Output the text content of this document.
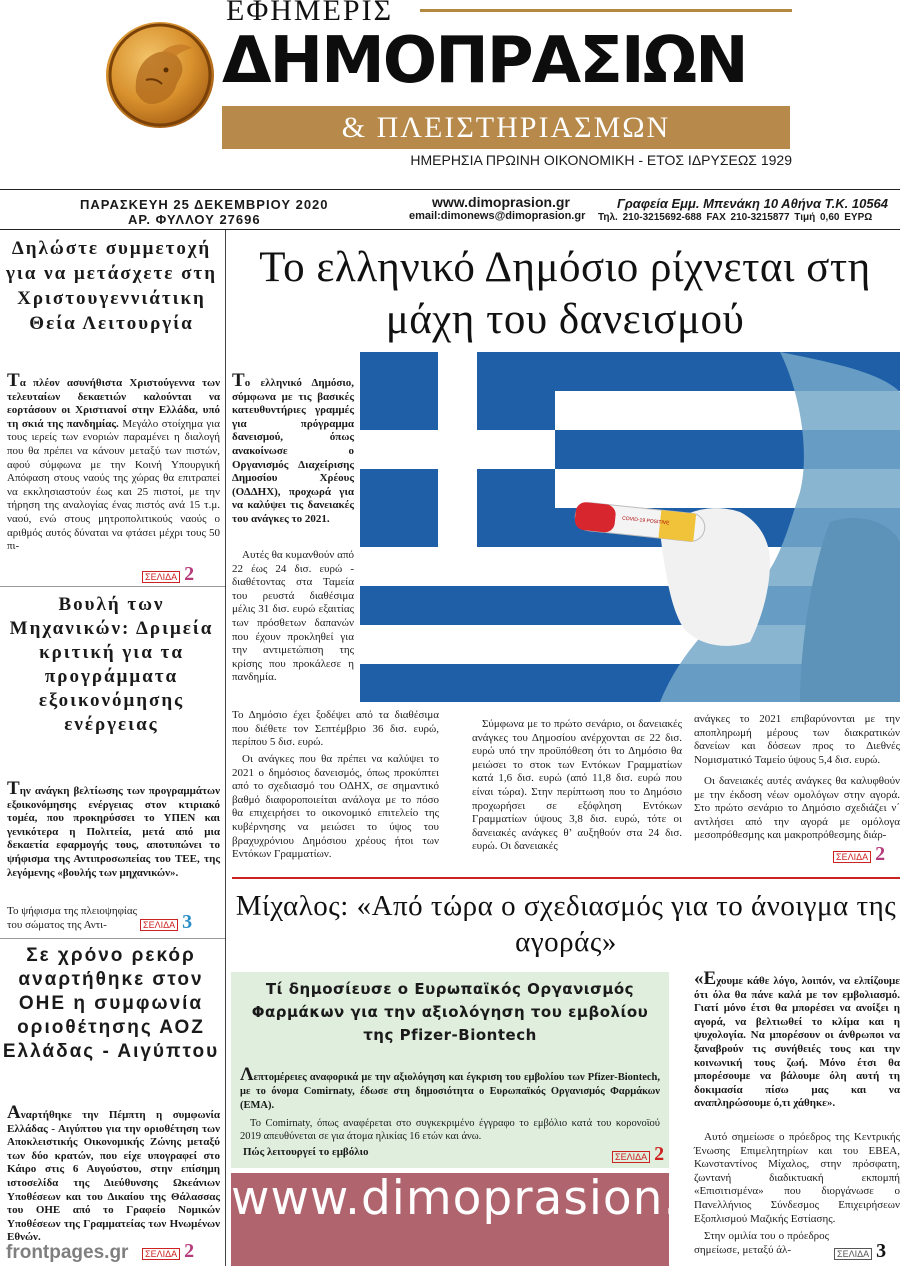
ΕΦΗΜΕΡΙΣ
ΔΗΜΟΠΡΑΣΙΩΝ
& ΠΛΕΙΣΤΗΡΙΑΣΜΩΝ
ΗΜΕΡΗΣΙΑ ΠΡΩΙΝΗ ΟΙΚΟΝΟΜΙΚΗ - ΕΤΟΣ ΙΔΡΥΣΕΩΣ 1929
ΠΑΡΑΣΚΕΥΗ 25 ΔΕΚΕΜΒΡΙΟΥ 2020
ΑΡ. ΦΥΛΛΟΥ 27696
www.dimoprasion.gr
email:dimonews@dimoprasion.gr
Γραφεία Εμμ. Μπενάκη 10 Αθήνα Τ.Κ. 10564
Τηλ. 210-3215692-688 FAX 210-3215877 Τιμή 0,60 ΕΥΡΩ
Δηλώστε συμμετοχή για να μετάσχετε στη Χριστουγεννιάτικη Θεία Λειτουργία
Τα πλέον ασυνήθιστα Χριστούγεννα των τελευταίων δεκαετιών καλούνται να εορτάσουν οι Χριστιανοί στην Ελλάδα, υπό τη σκιά της πανδημίας. Μεγάλο στοίχημα για τους ιερείς των ενοριών παραμένει η διαλογή που θα πρέπει να κάνουν μεταξύ των πιστών, αφού σύμφωνα με την Κοινή Υπουργική Απόφαση στους ναούς της χώρας θα επιτραπεί να εκκλησιαστούν έως και 25 πιστοί, με την τήρηση της αναλογίας ένας πιστός ανά 15 τ.μ. ναού, ενώ στους μητροπολιτικούς ναούς ο αριθμός αυτός δύναται να φτάσει μέχρι τους 50 πι-
ΣΕΛΙΔΑ 2
Βουλή των Μηχανικών: Δριμεία κριτική για τα προγράμματα εξοικονόμησης ενέργειας
Την ανάγκη βελτίωσης των προγραμμάτων εξοικονόμησης ενέργειας στον κτιριακό τομέα, που προκηρύσσει το ΥΠΕΝ και γενικότερα η Πολιτεία, μετά από μια δεκαετία εφαρμογής τους, αποτυπώνει το ψήφισμα της Αντιπροσωπείας του ΤΕΕ, της λεγόμενης «βουλής των μηχανικών».
Το ψήφισμα της πλειοψηφίας του σώματος της Αντι-	ΣΕΛΙΔΑ 3
Σε χρόνο ρεκόρ αναρτήθηκε στον ΟΗΕ η συμφωνία οριοθέτησης ΑΟΖ Ελλάδας - Αιγύπτου
Αναρτήθηκε την Πέμπτη η συμφωνία Ελλάδας - Αιγύπτου για την οριοθέτηση των Αποκλειστικής Οικονομικής Ζώνης μεταξύ των δύο κρατών, που είχε υπογραφεί στο Κάιρο στις 6 Αυγούστου, στην επίσημη ιστοσελίδα της Διεύθυνσης Ωκεάνιων Υποθέσεων και του Δικαίου της Θάλασσας του ΟΗΕ από το Γραφείο Νομικών Υποθέσεων της Γραμματείας των Ηνωμένων Εθνών.
ΣΕΛΙΔΑ 2
frontpages.gr
Το ελληνικό Δημόσιο ρίχνεται στη μάχη του δανεισμού
Το ελληνικό Δημόσιο, σύμφωνα με τις βασικές κατευθυντήριες γραμμές για πρόγραμμα δανεισμού, όπως ανακοίνωσε ο Οργανισμός Διαχείρισης Δημοσίου Χρέους (ΟΔΔΗΧ), προχωρά για να καλύψει τις δανειακές του ανάγκες το 2021.
Αυτές θα κυμανθούν από 22 έως 24 δισ. ευρώ - διαθέτοντας στα Ταμεία του ρευστά διαθέσιμα μέλις 31 δισ. ευρώ εξαιτίας των πρόσθετων δαπανών που έχουν προκληθεί για την αντιμετώπιση της κρίσης που προκάλεσε η πανδημία.
Το Δημόσιο έχει ξοδέψει από τα διαθέσιμα που διέθετε τον Σεπτέμβριο 36 δισ. ευρώ, περίπου 5 δισ. ευρώ.
Οι ανάγκες που θα πρέπει να καλύψει το 2021 ο δημόσιος δανεισμός, όπως προκύπτει από το σχεδιασμό του ΟΔΗΧ, σε σημαντικό βαθμό διαφοροποιείται ανάλογα με το πόσο θα επιχειρήσει το οικονομικό επιτελείο της κυβέρνησης να μειώσει το ύψος του βραχυχρόνιου Δημόσιου χρέους ήτοι των Εντόκων Γραμματίων.
COVID-19 POSITIVE
Σύμφωνα με το πρώτο σενάριο, οι δανειακές ανάγκες του Δημοσίου ανέρχονται σε 22 δισ. ευρώ υπό την προϋπόθεση ότι το Δημόσιο θα μειώσει το στοκ των Εντόκων Γραμματίων κατά 1,6 δισ. ευρώ (από 11,8 δισ. ευρώ που είναι τώρα). Στην περίπτωση που το Δημόσιο προχωρήσει σε εξόφληση Εντόκων Γραμματίων ύψους 3,8 δισ. ευρώ, τότε οι δανειακές ανάγκες θ’ αυξηθούν στα 24 δισ. ευρώ. Οι δανειακές
ανάγκες το 2021 επιβαρύνονται με την αποπληρωμή μέρους των διακρατικών δανείων και δόσεων προς το Διεθνές Νομισματικό Ταμείο ύψους 5,4 δισ. ευρώ.
Οι δανειακές αυτές ανάγκες θα καλυφθούν με την έκδοση νέων ομολόγων στην αγορά. Στο πρώτο σενάριο το Δημόσιο σχεδιάζει ν΄ αντλήσει από την αγορά με ομόλογα μεσοπρόθεσμης και μακροπρόθεσμης διάρ-
ΣΕΛΙΔΑ 2
Μίχαλος: «Από τώρα ο σχεδιασμός για το άνοιγμα της αγοράς»
Τί δημοσίευσε ο Ευρωπαϊκός Οργανισμός Φαρμάκων για την αξιολόγηση του εμβολίου της Pfizer-Biontech
Λεπτομέρειες αναφορικά με την αξιολόγηση και έγκριση του εμβολίου των Pfizer-Biontech, με το όνομα Comirnaty, έδωσε στη δημοσιότητα ο Ευρωπαϊκός Οργανισμός Φαρμάκων (ΕΜΑ).
Το Comirnaty, όπως αναφέρεται στο συγκεκριμένο έγγραφο το εμβόλιο κατά του κορονοϊού 2019 απευθύνεται σε για άτομα ηλικίας 16 ετών και άνω.
Πώς λειτουργεί το εμβόλιο	ΣΕΛΙΔΑ 2
www.dimoprasion.gr
«Εχουμε κάθε λόγο, λοιπόν, να ελπίζουμε ότι όλα θα πάνε καλά με τον εμβολιασμό. Γιατί μόνο έτσι θα μπορέσει να ανοίξει η αγορά, να βελτιωθεί το κλίμα και η ψυχολογία. Να μπορέσουν οι άνθρωποι να ξαναβρούν τις συνήθειές τους και την κοινωνική τους ζωή. Μόνο έτσι θα μπορέσουμε να βάλουμε όλη αυτή τη δοκιμασία πίσω μας και να αναπληρώσουμε ό,τι χάθηκε».
Αυτό σημείωσε ο πρόεδρος της Κεντρικής Ένωσης Επιμελητηρίων και του ΕΒΕΑ, Κωνσταντίνος Μίχαλος, στην πρόσφατη, ζωντανή διαδικτυακή εκπομπή «Επισιτισμένα» που διοργάνωσε ο Πανελλήνιος Σύνδεσμος Επιχειρήσεων Εξοπλισμού Μαζικής Εστίασης.
Στην ομιλία του ο πρόεδρος σημείωσε, μεταξύ άλ-	ΣΕΛΙΔΑ 3
